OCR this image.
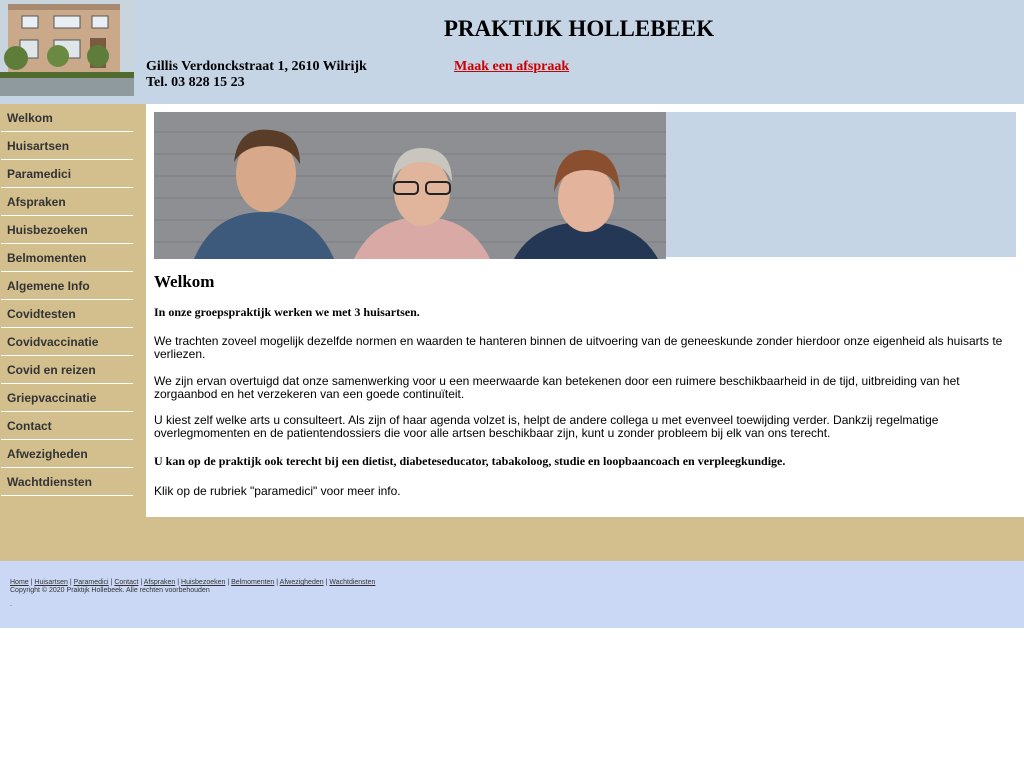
PRAKTIJK HOLLEBEEK
Gillis Verdonckstraat 1, 2610 Wilrijk
Tel. 03 828 15 23
Maak een afspraak
Welkom
Huisartsen
Paramedici
Afspraken
Huisbezoeken
Belmomenten
Algemene Info
Covidtesten
Covidvaccinatie
Covid en reizen
Griepvaccinatie
Contact
Afwezigheden
Wachtdiensten
Welkom

In onze groepspraktijk werken we met 3 huisartsen.

We trachten zoveel mogelijk dezelfde normen en waarden te hanteren binnen de uitvoering van de geneeskunde zonder hierdoor onze eigenheid als huisarts te verliezen.

We zijn ervan overtuigd dat onze samenwerking voor u een meerwaarde kan betekenen door een ruimere beschikbaarheid in de tijd, uitbreiding van het zorgaanbod en het verzekeren van een goede continuïteit.

U kiest zelf welke arts u consulteert. Als zijn of haar agenda volzet is, helpt de andere collega u met evenveel toewijding verder. Dankzij regelmatige overlegmomenten en de patientendossiers die voor alle artsen beschikbaar zijn, kunt u zonder probleem bij elk van ons terecht.

U kan op de praktijk ook terecht bij een dietist, diabeteseducator, tabakoloog, studie en loopbaancoach en verpleegkundige.

Klik op de rubriek "paramedici" voor meer info.

Home | Huisartsen | Paramedici | Contact | Afspraken | Huisbezoeken | Belmomenten | Afwezigheden | Wachtdiensten
Copyright © 2020 Praktijk Hollebeek. Alle rechten voorbehouden
.
